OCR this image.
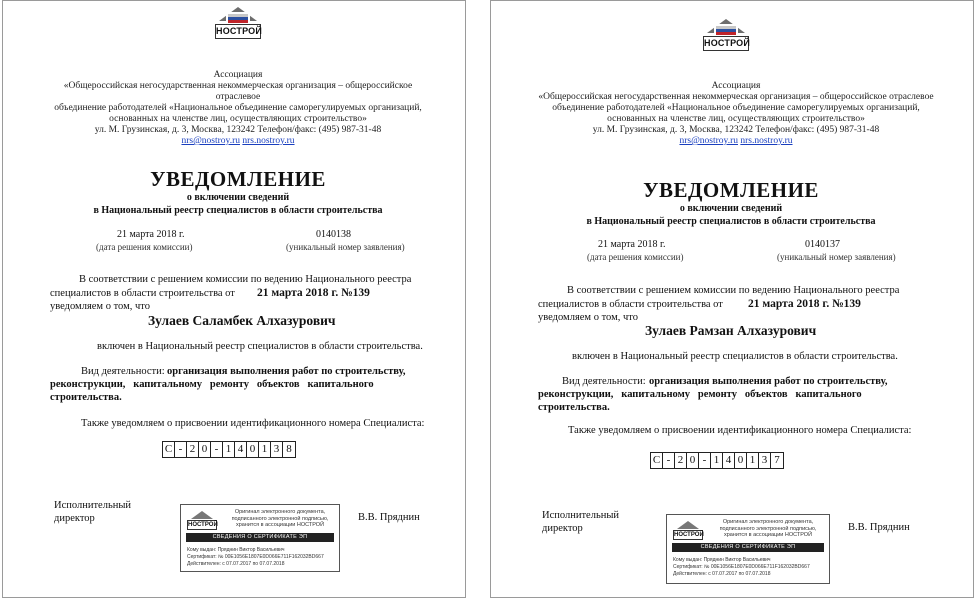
НОСТРОЙ
Ассоциация
«Общероссийская негосударственная некоммерческая организация – общероссийское отраслевое
объединение работодателей «Национальное объединение саморегулируемых организаций,
основанных на членстве лиц, осуществляющих строительство»
ул. М. Грузинская, д. 3, Москва, 123242 Телефон/факс: (495) 987-31-48
nrs@nostroy.ru nrs.nostroy.ru
УВЕДОМЛЕНИЕ
о включении сведений
в Национальный реестр специалистов в области строительства
21 марта 2018 г.	0140138
(дата решения комиссии)	(уникальный номер заявления)
В соответствии с решением комиссии по ведению Национального реестра
специалистов в области строительства от 21 марта 2018 г. №139
уведомляем о том, что
Зулаев Саламбек Алхазурович
включен в Национальный реестр специалистов в области строительства.
Вид деятельности: организация выполнения работ по строительству,
реконструкции,   капитальному   ремонту   объектов   капитального
строительства.
Также уведомляем о присвоении идентификационного номера Специалиста:
С - 2 0 - 1 4 0 1 3 8
Исполнительный
директор	В.В. Пряднин
НОСТРОЙ
Оригинал электронного документа,
подписанного электронной подписью,
хранится в ассоциации НОСТРОЙ
СВЕДЕНИЯ О СЕРТИФИКАТЕ ЭП
Кому выдан: Пряднин Виктор Васильевич
Сертификат: № 00E1056E1807E0D066E711F162032BD667
Действителен: с 07.07.2017 по 07.07.2018
НОСТРОЙ
Ассоциация
«Общероссийская негосударственная некоммерческая организация – общероссийское отраслевое
объединение работодателей «Национальное объединение саморегулируемых организаций,
основанных на членстве лиц, осуществляющих строительство»
ул. М. Грузинская, д. 3, Москва, 123242 Телефон/факс: (495) 987-31-48
nrs@nostroy.ru nrs.nostroy.ru
УВЕДОМЛЕНИЕ
о включении сведений
в Национальный реестр специалистов в области строительства
21 марта 2018 г.	0140137
(дата решения комиссии)	(уникальный номер заявления)
В соответствии с решением комиссии по ведению Национального реестра
специалистов в области строительства от 21 марта 2018 г. №139
уведомляем о том, что
Зулаев Рамзан Алхазурович
включен в Национальный реестр специалистов в области строительства.
Вид деятельности: организация выполнения работ по строительству,
реконструкции,   капитальному   ремонту   объектов   капитального
строительства.
Также уведомляем о присвоении идентификационного номера Специалиста:
С - 2 0 - 1 4 0 1 3 7
Исполнительный
директор	В.В. Пряднин
НОСТРОЙ
Оригинал электронного документа,
подписанного электронной подписью,
хранится в ассоциации НОСТРОЙ
СВЕДЕНИЯ О СЕРТИФИКАТЕ ЭП
Кому выдан: Пряднин Виктор Васильевич
Сертификат: № 00E1056E1807E0D066E711F162032BD667
Действителен: с 07.07.2017 по 07.07.2018
